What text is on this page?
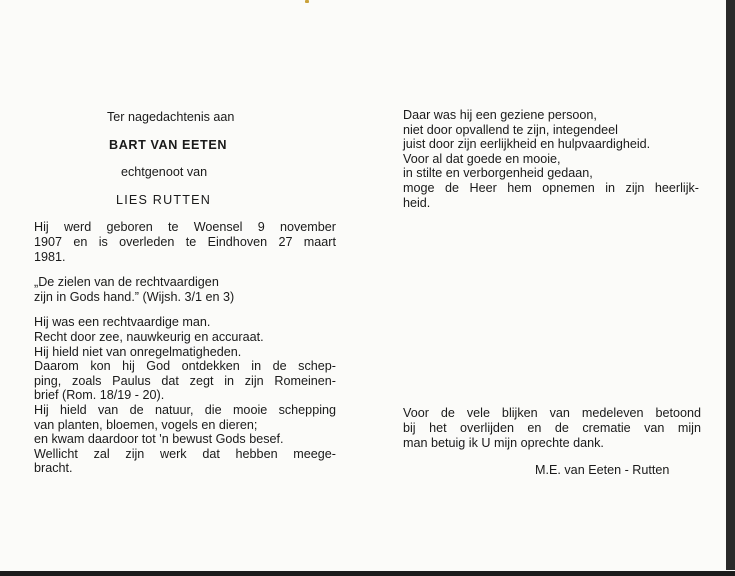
Ter nagedachtenis aan
BART VAN EETEN
echtgenoot van
LIES RUTTEN
Hij werd geboren te Woensel 9 november
1907 en is overleden te Eindhoven 27 maart
1981.
„De zielen van de rechtvaardigen
zijn in Gods hand.” (Wijsh. 3/1 en 3)
Hij was een rechtvaardige man.
Recht door zee, nauwkeurig en accuraat.
Hij hield niet van onregelmatigheden.
Daarom kon hij God ontdekken in de schep-
ping, zoals Paulus dat zegt in zijn Romeinen-
brief (Rom. 18/19 - 20).
Hij hield van de natuur, die mooie schepping
van planten, bloemen, vogels en dieren;
en kwam daardoor tot 'n bewust Gods besef.
Wellicht zal zijn werk dat hebben meege-
bracht.
Daar was hij een geziene persoon,
niet door opvallend te zijn, integendeel
juist door zijn eerlijkheid en hulpvaardigheid.
Voor al dat goede en mooie,
in stilte en verborgenheid gedaan,
moge de Heer hem opnemen in zijn heerlijk-
heid.
Voor de vele blijken van medeleven betoond
bij het overlijden en de crematie van mijn
man betuig ik U mijn oprechte dank.
M.E. van Eeten - Rutten
